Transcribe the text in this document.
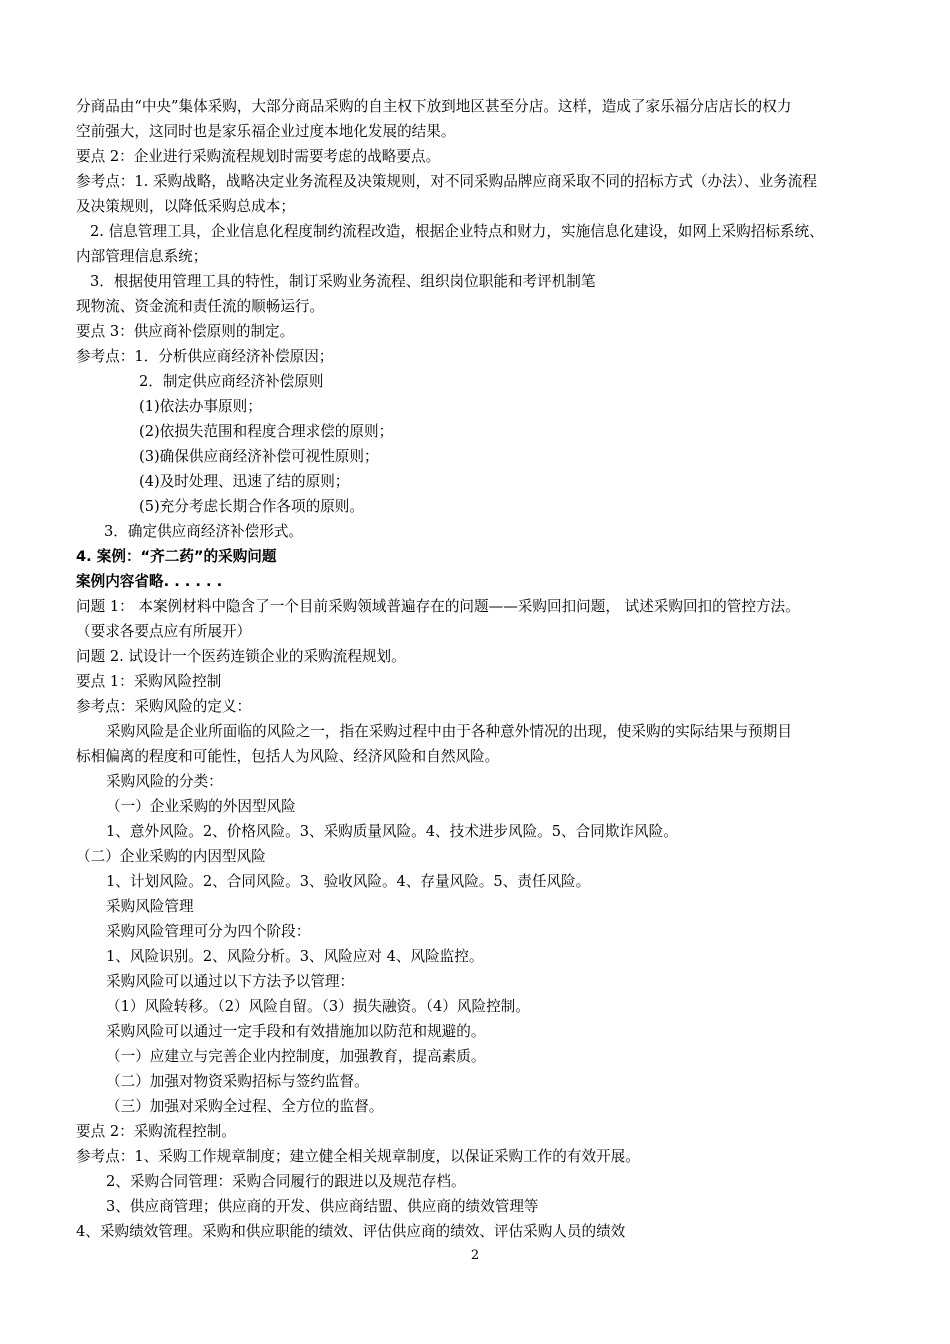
分商品由“中央”集体采购，大部分商品采购的自主权下放到地区甚至分店。这样，造成了家乐福分店店长的权力
空前强大，这同时也是家乐福企业过度本地化发展的结果。
要点 2：企业进行采购流程规划时需要考虑的战略要点。
参考点：1. 采购战略，战略决定业务流程及决策规则，对不同采购品牌应商采取不同的招标方式（办法）、业务流程
及决策规则，以降低采购总成本；
2. 信息管理工具，企业信息化程度制约流程改造，根据企业特点和财力，实施信息化建设，如网上采购招标系统、
内部管理信息系统；
3．根据使用管理工具的特性，制订采购业务流程、组织岗位职能和考评机制笔
现物流、资金流和责任流的顺畅运行。
要点 3：供应商补偿原则的制定。
参考点：1．分析供应商经济补偿原因；
2．制定供应商经济补偿原则
(1)依法办事原则；
(2)依损失范围和程度合理求偿的原则；
(3)确保供应商经济补偿可视性原则；
(4)及时处理、迅速了结的原则；
(5)充分考虑长期合作各项的原则。
3．确定供应商经济补偿形式。
4. 案例：“齐二药”的采购问题
案例内容省略. . . . . .
问题 1： 本案例材料中隐含了一个目前采购领域普遍存在的问题——采购回扣问题， 试述采购回扣的管控方法。
（要求各要点应有所展开）
问题 2. 试设计一个医药连锁企业的采购流程规划。
要点 1：采购风险控制
参考点：采购风险的定义：
采购风险是企业所面临的风险之一，指在采购过程中由于各种意外情况的出现，使采购的实际结果与预期目
标相偏离的程度和可能性，包括人为风险、经济风险和自然风险。
采购风险的分类：
（一）企业采购的外因型风险
1、意外风险。2、价格风险。3、采购质量风险。4、技术进步风险。5、合同欺诈风险。
（二）企业采购的内因型风险
1、计划风险。2、合同风险。3、验收风险。4、存量风险。5、责任风险。
采购风险管理
采购风险管理可分为四个阶段：
1、风险识别。2、风险分析。3、风险应对 4、风险监控。
采购风险可以通过以下方法予以管理：
（1）风险转移。（2）风险自留。（3）损失融资。（4）风险控制。
采购风险可以通过一定手段和有效措施加以防范和规避的。
（一）应建立与完善企业内控制度，加强教育，提高素质。
（二）加强对物资采购招标与签约监督。
（三）加强对采购全过程、全方位的监督。
要点 2：采购流程控制。
参考点：1、采购工作规章制度；建立健全相关规章制度，以保证采购工作的有效开展。
2、采购合同管理：采购合同履行的跟进以及规范存档。
3、供应商管理；供应商的开发、供应商结盟、供应商的绩效管理等
4、采购绩效管理。采购和供应职能的绩效、评估供应商的绩效、评估采购人员的绩效
2
